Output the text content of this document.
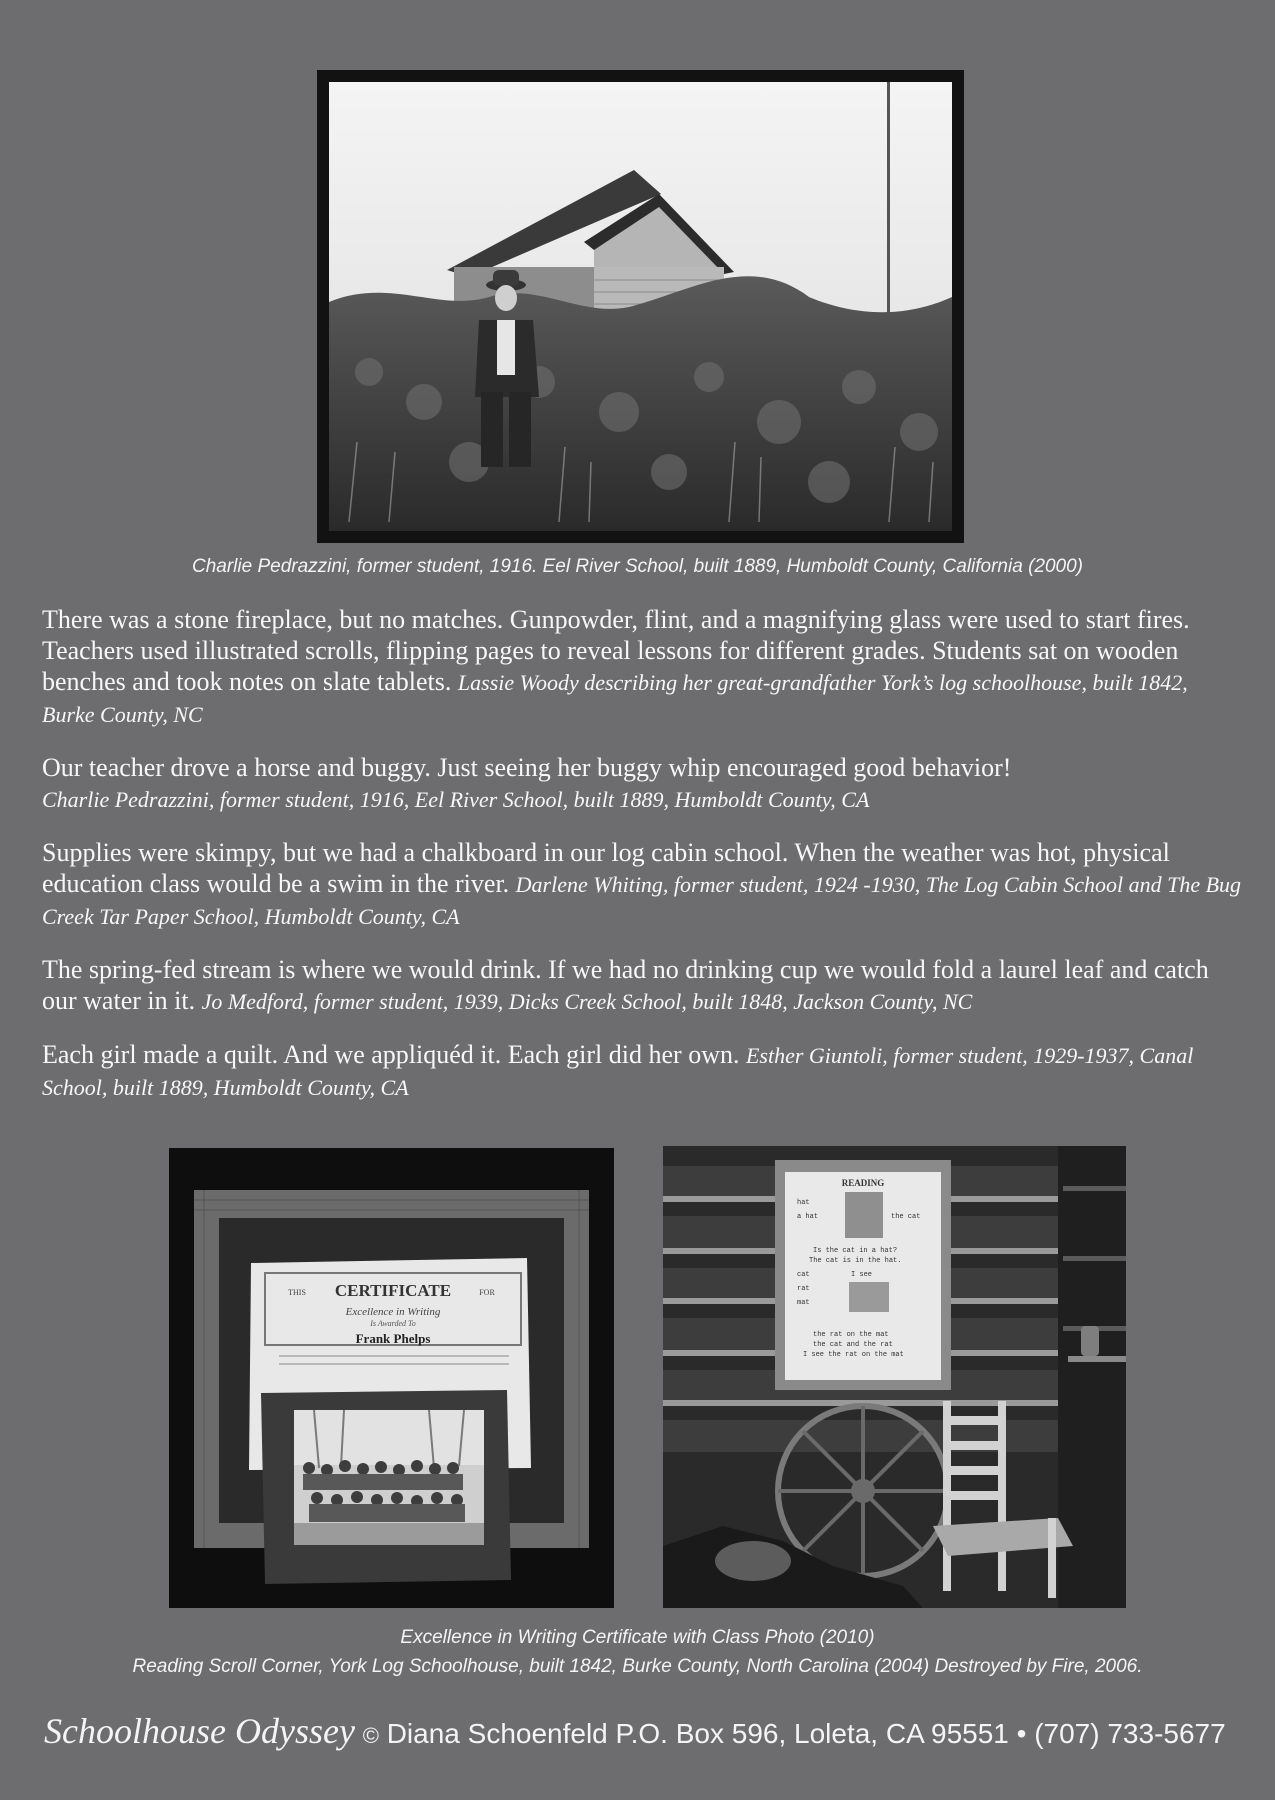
Charlie Pedrazzini, former student, 1916. Eel River School, built 1889, Humboldt County, California (2000)

There was a stone fireplace, but no matches. Gunpowder, flint, and a magnifying glass were used to start fires. Teachers used illustrated scrolls, flipping pages to reveal lessons for different grades. Students sat on wooden benches and took notes on slate tablets. Lassie Woody describing her great-grandfather York’s log schoolhouse, built 1842, Burke County, NC

Our teacher drove a horse and buggy. Just seeing her buggy whip encouraged good behavior!
Charlie Pedrazzini, former student, 1916, Eel River School, built 1889, Humboldt County, CA

Supplies were skimpy, but we had a chalkboard in our log cabin school. When the weather was hot, physical education class would be a swim in the river. Darlene Whiting, former student, 1924 -1930, The Log Cabin School and The Bug Creek Tar Paper School, Humboldt County, CA

The spring-fed stream is where we would drink. If we had no drinking cup we would fold a laurel leaf and catch our water in it. Jo Medford, former student, 1939, Dicks Creek School, built 1848, Jackson County, NC

Each girl made a quilt. And we appliquéd it. Each girl did her own. Esther Giuntoli, former student, 1929-1937, Canal School, built 1889, Humboldt County, CA

CERTIFICATE
THIS	FOR
Excellence in Writing
Is Awarded To
Frank Phelps
READING
hat
a hat	the cat
Is the cat in a hat?
The cat is in the hat.
cat	I see
rat
mat
the rat on the mat
the cat and the rat
I see the rat on the mat
Excellence in Writing Certificate with Class Photo (2010)
Reading Scroll Corner, York Log Schoolhouse, built 1842, Burke County, North Carolina (2004) Destroyed by Fire, 2006.
Schoolhouse Odyssey © Diana Schoenfeld P.O. Box 596, Loleta, CA 95551 • (707) 733-5677
